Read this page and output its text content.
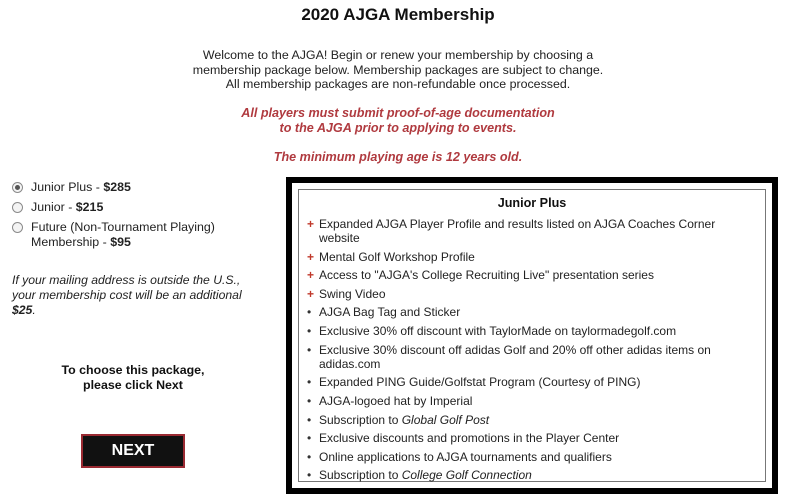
2020 AJGA Membership
Welcome to the AJGA! Begin or renew your membership by choosing a
membership package below. Membership packages are subject to change.
All membership packages are non-refundable once processed.
All players must submit proof-of-age documentation
to the AJGA prior to applying to events.
The minimum playing age is 12 years old.
Junior Plus - $285
Junior - $215
Future (Non-Tournament Playing) Membership - $95
If your mailing address is outside the U.S., your membership cost will be an additional $25.
To choose this package,
please click Next
NEXT
Junior Plus
+ Expanded AJGA Player Profile and results listed on AJGA Coaches Corner website
+ Mental Golf Workshop Profile
+ Access to "AJGA's College Recruiting Live" presentation series
+ Swing Video
• AJGA Bag Tag and Sticker
• Exclusive 30% off discount with TaylorMade on taylormadegolf.com
• Exclusive 30% discount off adidas Golf and 20% off other adidas items on adidas.com
• Expanded PING Guide/Golfstat Program (Courtesy of PING)
• AJGA-logoed hat by Imperial
• Subscription to Global Golf Post
• Exclusive discounts and promotions in the Player Center
• Online applications to AJGA tournaments and qualifiers
• Subscription to College Golf Connection
